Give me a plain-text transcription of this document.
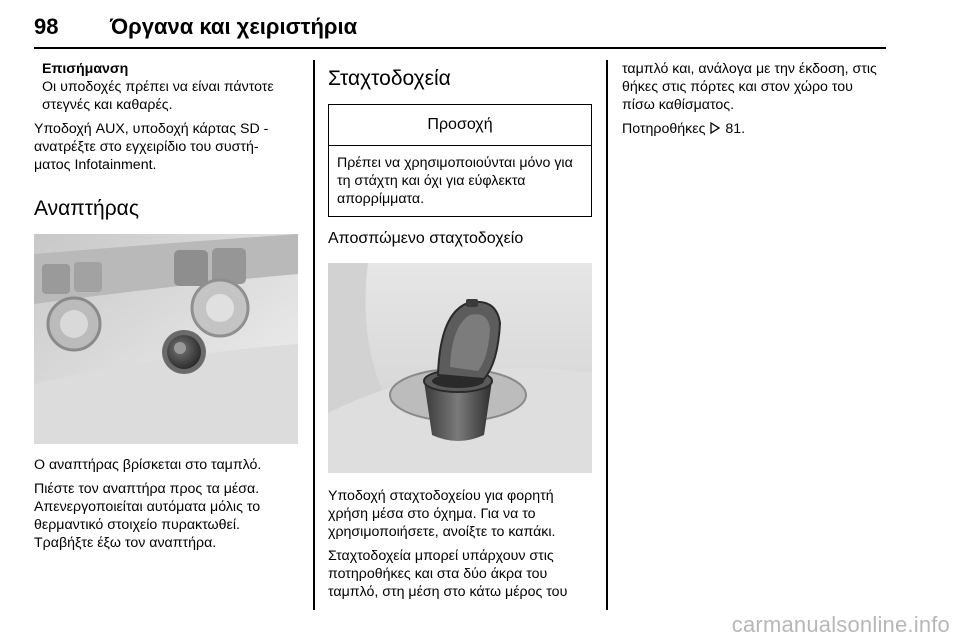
98 Όργανα και χειριστήρια
Επισήμανση
Οι υποδοχές πρέπει να είναι πάντοτε στεγνές και καθαρές.

Υποδοχή AUX, υποδοχή κάρτας SD - ανατρέξτε στο εγχειρίδιο του συστή- ματος Infotainment.

Αναπτήρας

Ο αναπτήρας βρίσκεται στο ταμπλό.

Πιέστε τον αναπτήρα προς τα μέσα. Απενεργοποιείται αυτόματα μόλις το θερμαντικό στοιχείο πυρακτωθεί. Τραβήξτε έξω τον αναπτήρα.

Σταχτοδοχεία
Προσοχή
Πρέπει να χρησιμοποιούνται μόνο για τη στάχτη και όχι για εύφλεκτα απορρίμματα.
Αποσπώμενο σταχτοδοχείο

Υποδοχή σταχτοδοχείου για φορητή χρήση μέσα στο όχημα. Για να το χρησιμοποιήσετε, ανοίξτε το καπάκι.

Σταχτοδοχεία μπορεί υπάρχουν στις ποτηροθήκες και στα δύο άκρα του ταμπλό, στη μέση στο κάτω μέρος του

ταμπλό και, ανάλογα με την έκδοση, στις θήκες στις πόρτες και στον χώρο του πίσω καθίσματος.

Ποτηροθήκες 81.

carmanualsonline.info
